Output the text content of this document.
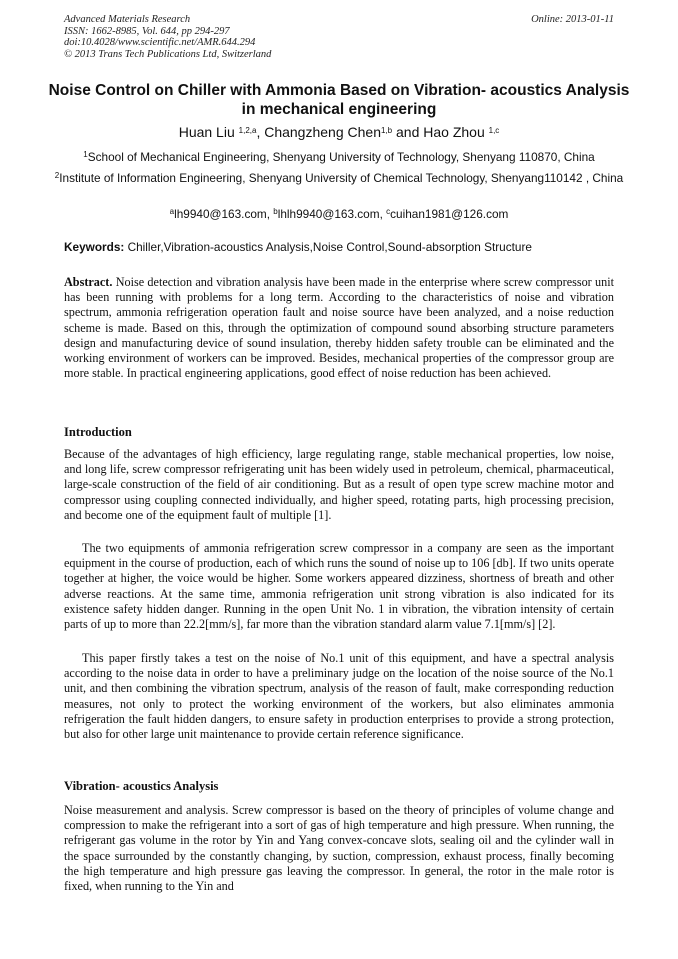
Advanced Materials Research
ISSN: 1662-8985, Vol. 644, pp 294-297
doi:10.4028/www.scientific.net/AMR.644.294
© 2013 Trans Tech Publications Ltd, Switzerland
Online: 2013-01-11
Noise Control on Chiller with Ammonia Based on Vibration- acoustics Analysis in mechanical engineering
Huan Liu $^{1,2,a}$, Changzheng Chen$^{1,b}$ and Hao Zhou $^{1,c}$
$^1$School of Mechanical Engineering, Shenyang University of Technology, Shenyang 110870, China
$^2$Institute of Information Engineering, Shenyang University of Chemical Technology, Shenyang110142 , China
$^a$lh9940@163.com, $^b$lhlh9940@163.com, $^c$cuihan1981@126.com
Keywords: Chiller,Vibration-acoustics Analysis,Noise Control,Sound-absorption Structure

Abstract. Noise detection and vibration analysis have been made in the enterprise where screw compressor unit has been running with problems for a long term. According to the characteristics of noise and vibration spectrum, ammonia refrigeration operation fault and noise source have been analyzed, and a noise reduction scheme is made. Based on this, through the optimization of compound sound absorbing structure parameters design and manufacturing device of sound insulation, thereby hidden safety trouble can be eliminated and the working environment of workers can be improved. Besides, mechanical properties of the compressor group are more stable. In practical engineering applications, good effect of noise reduction has been achieved.

Introduction
Because of the advantages of high efficiency, large regulating range, stable mechanical properties, low noise, and long life, screw compressor refrigerating unit has been widely used in petroleum, chemical, pharmaceutical, large-scale construction of the field of air conditioning. But as a result of open type screw machine motor and compressor using coupling connected individually, and higher speed, rotating parts, high processing precision, and become one of the equipment fault of multiple [1].
The two equipments of ammonia refrigeration screw compressor in a company are seen as the important equipment in the course of production, each of which runs the sound of noise up to 106 [db]. If two units operate together at higher, the voice would be higher. Some workers appeared dizziness, shortness of breath and other adverse reactions. At the same time, ammonia refrigeration unit strong vibration is also indicated for its existence safety hidden danger. Running in the open Unit No. 1 in vibration, the vibration intensity of certain parts of up to more than 22.2[mm/s], far more than the vibration standard alarm value 7.1[mm/s] [2].
This paper firstly takes a test on the noise of No.1 unit of this equipment, and have a spectral analysis according to the noise data in order to have a preliminary judge on the location of the noise source of the No.1 unit, and then combining the vibration spectrum, analysis of the reason of fault, make corresponding reduction measures, not only to protect the working environment of the workers, but also eliminates ammonia refrigeration the fault hidden dangers, to ensure safety in production enterprises to provide a strong protection, but also for other large unit maintenance to provide certain reference significance.
Vibration- acoustics Analysis
Noise measurement and analysis. Screw compressor is based on the theory of principles of volume change and compression to make the refrigerant into a sort of gas of high temperature and high pressure. When running, the refrigerant gas volume in the rotor by Yin and Yang convex-concave slots, sealing oil and the cylinder wall in the space surrounded by the constantly changing, by suction, compression, exhaust process, finally becoming the high temperature and high pressure gas leaving the compressor. In general, the rotor in the male rotor is fixed, when running to the Yin and
